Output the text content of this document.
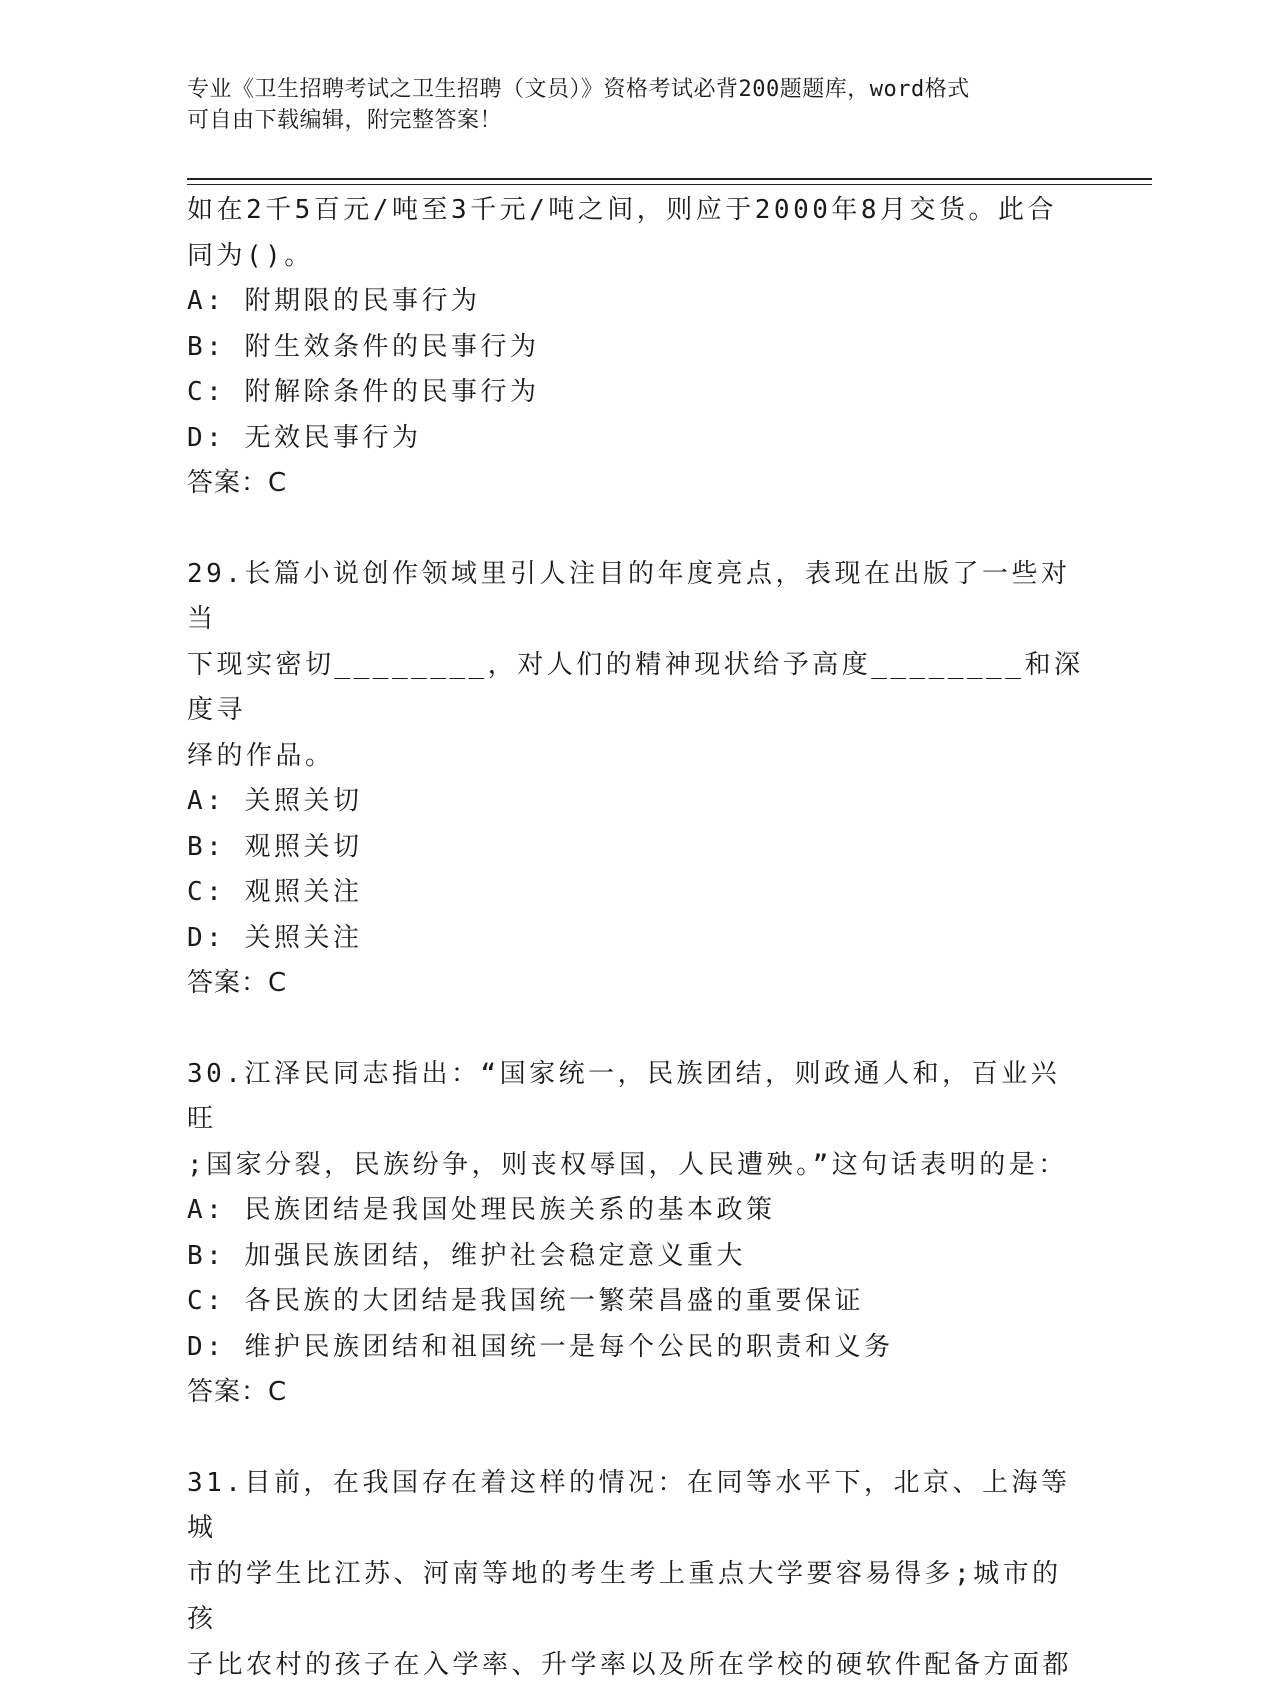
专业《卫生招聘考试之卫生招聘（文员）》资格考试必背200题题库，word格式
可自由下载编辑，附完整答案！

如在2千5百元/吨至3千元/吨之间，则应于2000年8月交货。此合

同为()。

A: 附期限的民事行为

B: 附生效条件的民事行为

C: 附解除条件的民事行为

D: 无效民事行为

答案：C

29.长篇小说创作领域里引人注目的年度亮点，表现在出版了一些对当

下现实密切________，对人们的精神现状给予高度________和深度寻

绎的作品。

A: 关照关切

B: 观照关切

C: 观照关注

D: 关照关注

答案：C

30.江泽民同志指出：“国家统一，民族团结，则政通人和，百业兴旺

;国家分裂，民族纷争，则丧权辱国，人民遭殃。”这句话表明的是：

A: 民族团结是我国处理民族关系的基本政策

B: 加强民族团结，维护社会稳定意义重大

C: 各民族的大团结是我国统一繁荣昌盛的重要保证

D: 维护民族团结和祖国统一是每个公民的职责和义务

答案：C

31.目前，在我国存在着这样的情况：在同等水平下，北京、上海等城

市的学生比江苏、河南等地的考生考上重点大学要容易得多;城市的孩

子比农村的孩子在入学率、升学率以及所在学校的硬软件配备方面都
